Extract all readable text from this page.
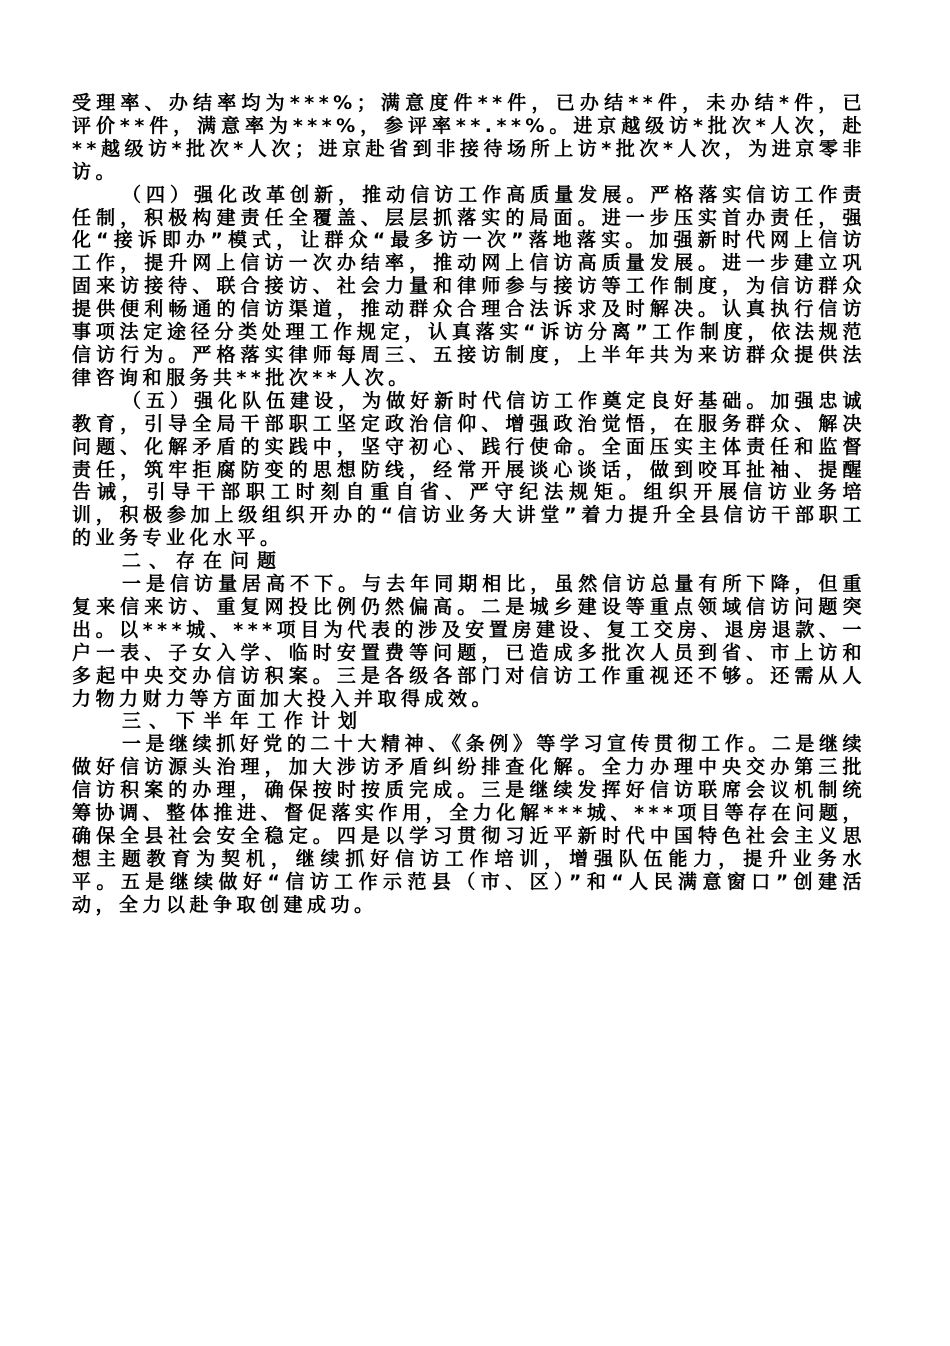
受理率、办结率均为***%；满意度件**件，已办结**件，未办结*件，已评价**件，满意率为***%，参评率**.**%。进京越级访*批次*人次，赴**越级访*批次*人次；进京赴省到非接待场所上访*批次*人次，为进京零非访。

（四）强化改革创新，推动信访工作高质量发展。严格落实信访工作责任制，积极构建责任全覆盖、层层抓落实的局面。进一步压实首办责任，强化“接诉即办”模式，让群众“最多访一次”落地落实。加强新时代网上信访工作，提升网上信访一次办结率，推动网上信访高质量发展。进一步建立巩固来访接待、联合接访、社会力量和律师参与接访等工作制度，为信访群众提供便利畅通的信访渠道，推动群众合理合法诉求及时解决。认真执行信访事项法定途径分类处理工作规定，认真落实“诉访分离”工作制度，依法规范信访行为。严格落实律师每周三、五接访制度，上半年共为来访群众提供法律咨询和服务共**批次**人次。

（五）强化队伍建设，为做好新时代信访工作奠定良好基础。加强忠诚教育，引导全局干部职工坚定政治信仰、增强政治觉悟，在服务群众、解决问题、化解矛盾的实践中，坚守初心、践行使命。全面压实主体责任和监督责任，筑牢拒腐防变的思想防线，经常开展谈心谈话，做到咬耳扯袖、提醒告诫，引导干部职工时刻自重自省、严守纪法规矩。组织开展信访业务培训，积极参加上级组织开办的“信访业务大讲堂”着力提升全县信访干部职工的业务专业化水平。

二、存在问题

一是信访量居高不下。与去年同期相比，虽然信访总量有所下降，但重复来信来访、重复网投比例仍然偏高。二是城乡建设等重点领域信访问题突出。以***城、***项目为代表的涉及安置房建设、复工交房、退房退款、一户一表、子女入学、临时安置费等问题，已造成多批次人员到省、市上访和多起中央交办信访积案。三是各级各部门对信访工作重视还不够。还需从人力物力财力等方面加大投入并取得成效。

三、下半年工作计划

一是继续抓好党的二十大精神、《条例》等学习宣传贯彻工作。二是继续做好信访源头治理，加大涉访矛盾纠纷排查化解。全力办理中央交办第三批信访积案的办理，确保按时按质完成。三是继续发挥好信访联席会议机制统筹协调、整体推进、督促落实作用，全力化解***城、***项目等存在问题，确保全县社会安全稳定。四是以学习贯彻习近平新时代中国特色社会主义思想主题教育为契机，继续抓好信访工作培训，增强队伍能力，提升业务水平。五是继续做好“信访工作示范县（市、区）”和“人民满意窗口”创建活动，全力以赴争取创建成功。
